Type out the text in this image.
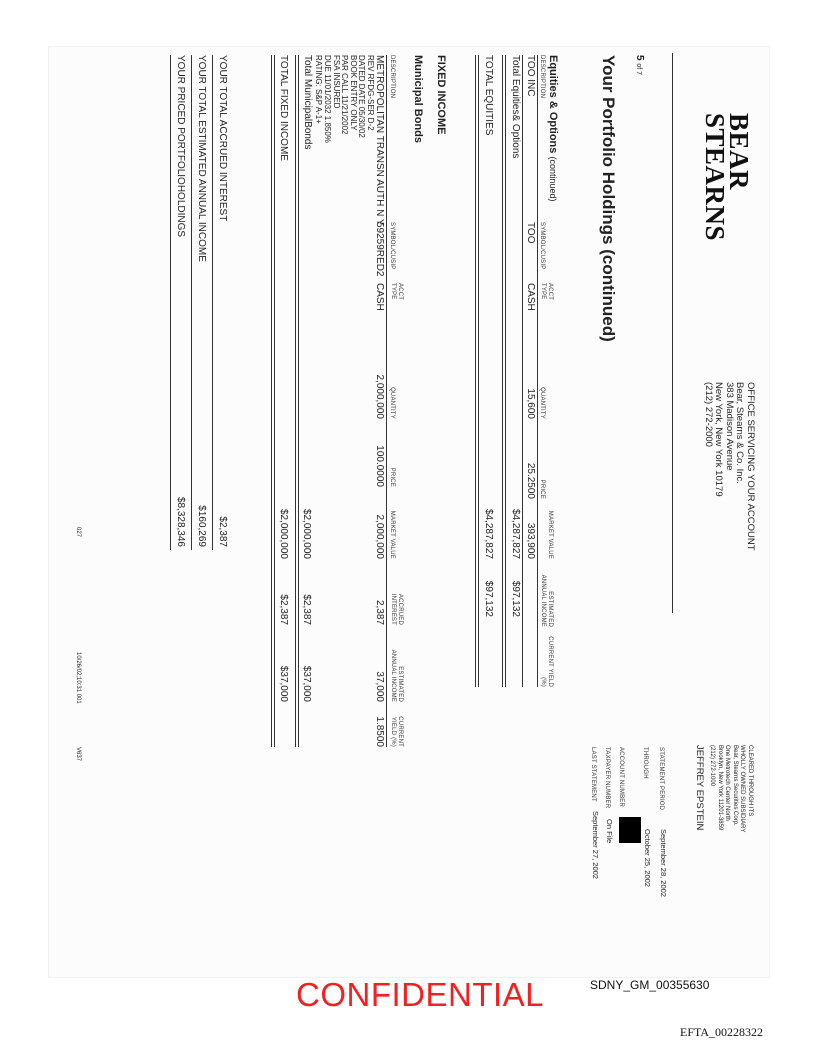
BEAR
STEARNS
OFFICE SERVICING YOUR ACCOUNT
Bear, Stearns & Co. Inc.
383 Madison Avenue
New York, New York 10179
(212) 272-2000
CLEARED THROUGH ITS
WHOLLY OWNED SUBSIDIARY
Bear, Stearns Securities Corp.
One Metrotech Center North
Brooklyn, New York 11201-3859
(212) 272-1000
JEFFREY EPSTEIN
STATEMENT PERIOD
September 28, 2002
THROUGH
October 25, 2002
ACCOUNT NUMBER
TAXPAYER NUMBER
On File
LAST STATEMENT
September 27, 2002
5 of 7
Your Portfolio Holdings (continued)
Equities & Options (continued)
DESCRIPTION
SYMBOL/CUSIP
ACCT TYPE
QUANTITY
PRICE
MARKET VALUE
ESTIMATED ANNUAL INCOME
CURRENT YIELD (%)
TOO INC
TOO
CASH
15,600
25.2500
393,900
Total Equities& Options
$4,287,827
$97,132
TOTAL EQUITIES
$4,287,827
$97,132
FIXED INCOME
Municipal Bonds
DESCRIPTION
SYMBOL/CUSIP
ACCT TYPE
QUANTITY
PRICE
MARKET VALUE
ACCRUED INTEREST
ESTIMATED ANNUAL INCOME
CURRENT YIELD (%)
METROPOLITAN TRANSN AUTH N Y
REV RFDG-SER D-2
DATED DATE 05/30/02
BOOK ENTRY ONLY
PAR CALL 11/21/2002
FSA INSURED
DUE 11/01/2032 1.850%
RATING: S&P A-1+
59259RED2
CASH
2,000,000
100.0000
2,000,000
2,387
37,000
1.8500
Total MunicipalBonds
$2,000,000
$2,387
$37,000
TOTAL FIXED INCOME
$2,000,000
$2,387
$37,000
YOUR TOTAL ACCRUED INTEREST
$2,387
YOUR TOTAL ESTIMATED ANNUAL INCOME
$160,269
YOUR PRICED PORTFOLIOHOLDINGS
$8,328,346
027
10/26/02;10:31 001
V637
CONFIDENTIAL	SDNY_GM_00355630
EFTA_00228322
